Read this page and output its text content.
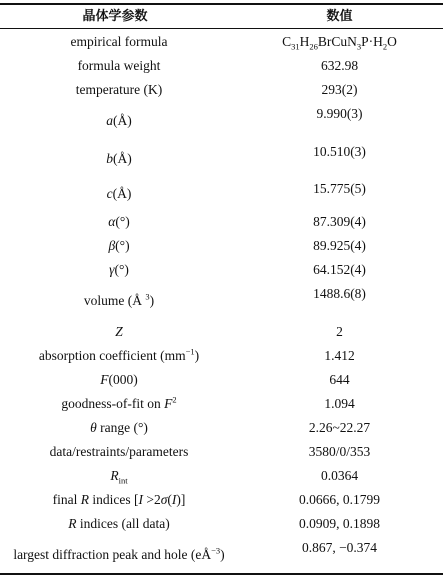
晶体学参数	数值
empirical formula	$C_{31}H_{26}BrCuN_3P\cdot H_2O$
formula weight	632.98
temperature (K)	293(2)
a(Å)	9.990(3)
b(Å)	10.510(3)
c(Å)	15.775(5)
α(°)	87.309(4)
β(°)	89.925(4)
γ(°)	64.152(4)
volume (Å $^3$)	1488.6(8)
Z	2
absorption coefficient $(mm^{-1})$	1.412
F(000)	644
goodness-of-fit on $F^2$	1.094
θ range (°)	2.26~22.27
data/restraints/parameters	3580/0/353
$R_{int}$	0.0364
final R indices [I >2σ(I)]	0.0666, 0.1799
R indices (all data)	0.0909, 0.1898
largest diffraction peak and hole $(eÅ^{-3})$	0.867, −0.374
